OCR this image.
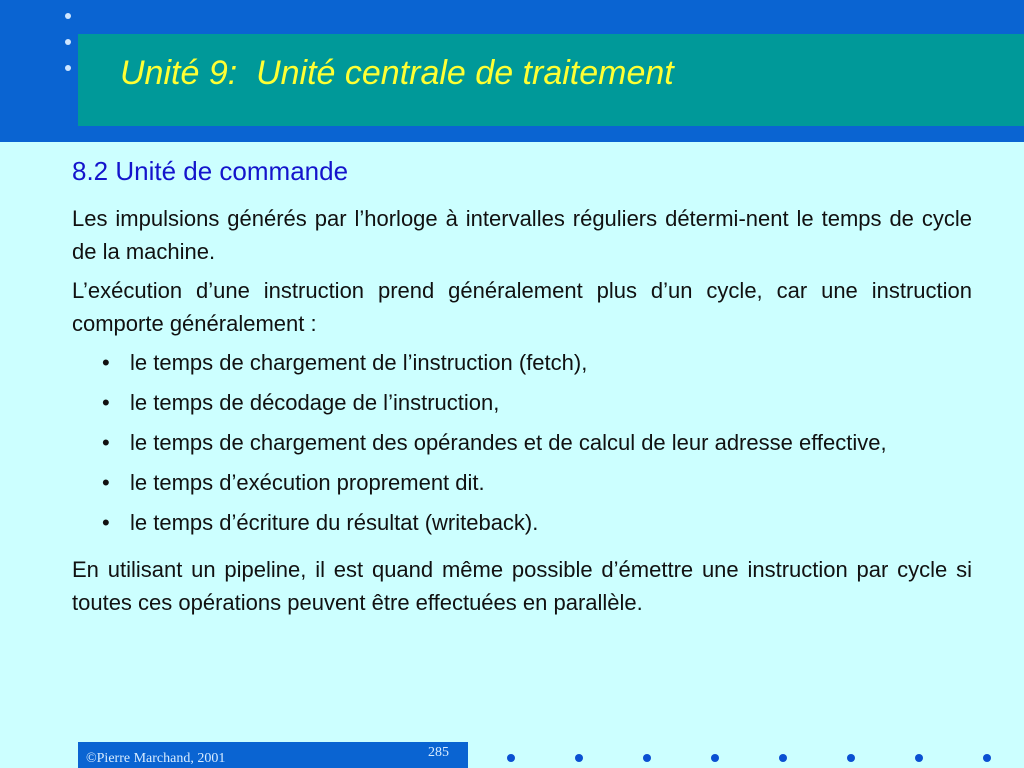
Unité 9:  Unité centrale de traitement
8.2 Unité de commande

Les impulsions générés par l’horloge à intervalles réguliers détermi-nent le temps de cycle de la machine.

L’exécution d’une instruction prend généralement plus d’un cycle, car une instruction comporte généralement :

• le temps de chargement de l’instruction (fetch),
• le temps de décodage de l’instruction,
• le temps de chargement des opérandes et de calcul de leur adresse effective,
• le temps d’exécution proprement dit.
• le temps d’écriture du résultat (writeback).

En utilisant un pipeline, il est quand même possible d’émettre une instruction par cycle si toutes ces opérations peuvent être effectuées en parallèle.

©Pierre Marchand, 2001	285
